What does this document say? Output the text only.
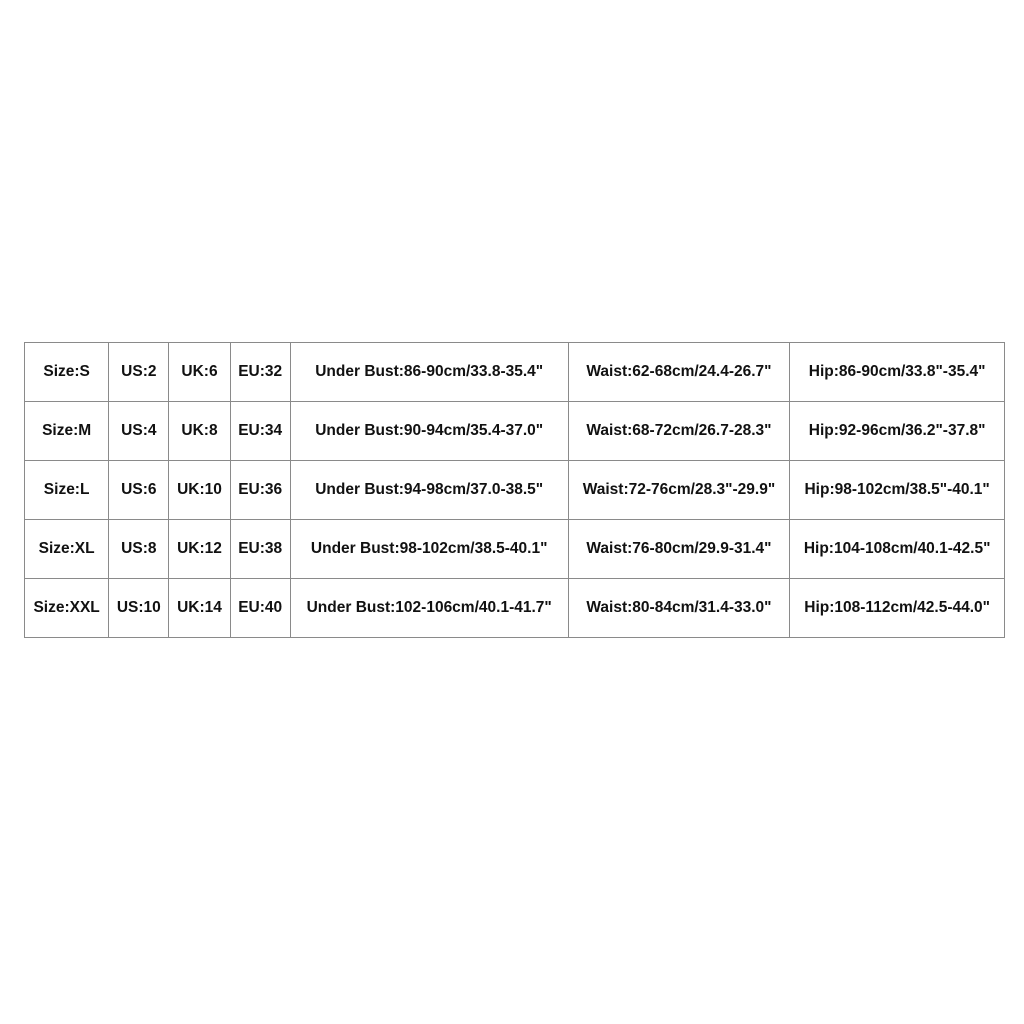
Size:S	US:2	UK:6	EU:32	Under Bust:86-90cm/33.8-35.4"	Waist:62-68cm/24.4-26.7"	Hip:86-90cm/33.8"-35.4"
Size:M	US:4	UK:8	EU:34	Under Bust:90-94cm/35.4-37.0"	Waist:68-72cm/26.7-28.3"	Hip:92-96cm/36.2"-37.8"
Size:L	US:6	UK:10	EU:36	Under Bust:94-98cm/37.0-38.5"	Waist:72-76cm/28.3"-29.9"	Hip:98-102cm/38.5"-40.1"
Size:XL	US:8	UK:12	EU:38	Under Bust:98-102cm/38.5-40.1"	Waist:76-80cm/29.9-31.4"	Hip:104-108cm/40.1-42.5"
Size:XXL	US:10	UK:14	EU:40	Under Bust:102-106cm/40.1-41.7"	Waist:80-84cm/31.4-33.0"	Hip:108-112cm/42.5-44.0"
